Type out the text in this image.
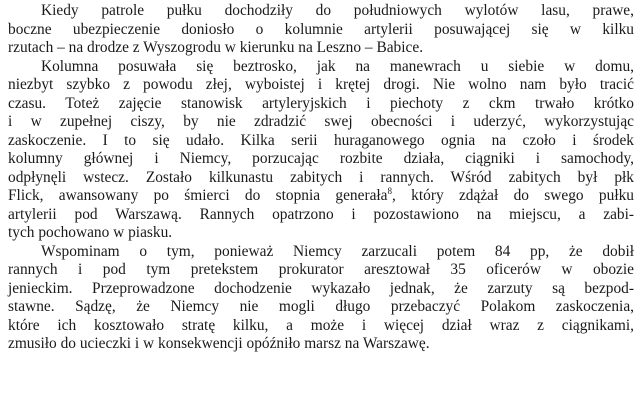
Kiedy patrole pułku dochodziły do południowych wylotów lasu, prawe,
boczne ubezpieczenie doniosło o kolumnie artylerii posuwającej się w kilku
rzutach – na drodze z Wyszogrodu w kierunku na Leszno – Babice.

Kolumna posuwała się beztrosko, jak na manewrach u siebie w domu,
niezbyt szybko z powodu złej, wyboistej i krętej drogi. Nie wolno nam było tracić
czasu. Toteż zajęcie stanowisk artyleryjskich i piechoty z ckm trwało krótko
i w zupełnej ciszy, by nie zdradzić swej obecności i uderzyć, wykorzystując
zaskoczenie. I to się udało. Kilka serii huraganowego ognia na czoło i środek
kolumny głównej i Niemcy, porzucając rozbite działa, ciągniki i samochody,
odpłynęli wstecz. Zostało kilkunastu zabitych i rannych. Wśród zabitych był płk
Flick, awansowany po śmierci do stopnia generała$^8$, który zdążał do swego pułku
artylerii pod Warszawą. Rannych opatrzono i pozostawiono na miejscu, a zabi-
tych pochowano w piasku.

Wspominam o tym, ponieważ Niemcy zarzucali potem 84 pp, że dobił
rannych i pod tym pretekstem prokurator aresztował 35 oficerów w obozie
jenieckim. Przeprowadzone dochodzenie wykazało jednak, że zarzuty są bezpod-
stawne. Sądzę, że Niemcy nie mogli długo przebaczyć Polakom zaskoczenia,
które ich kosztowało stratę kilku, a może i więcej dział wraz z ciągnikami,
zmusiło do ucieczki i w konsekwencji opóźniło marsz na Warszawę.
